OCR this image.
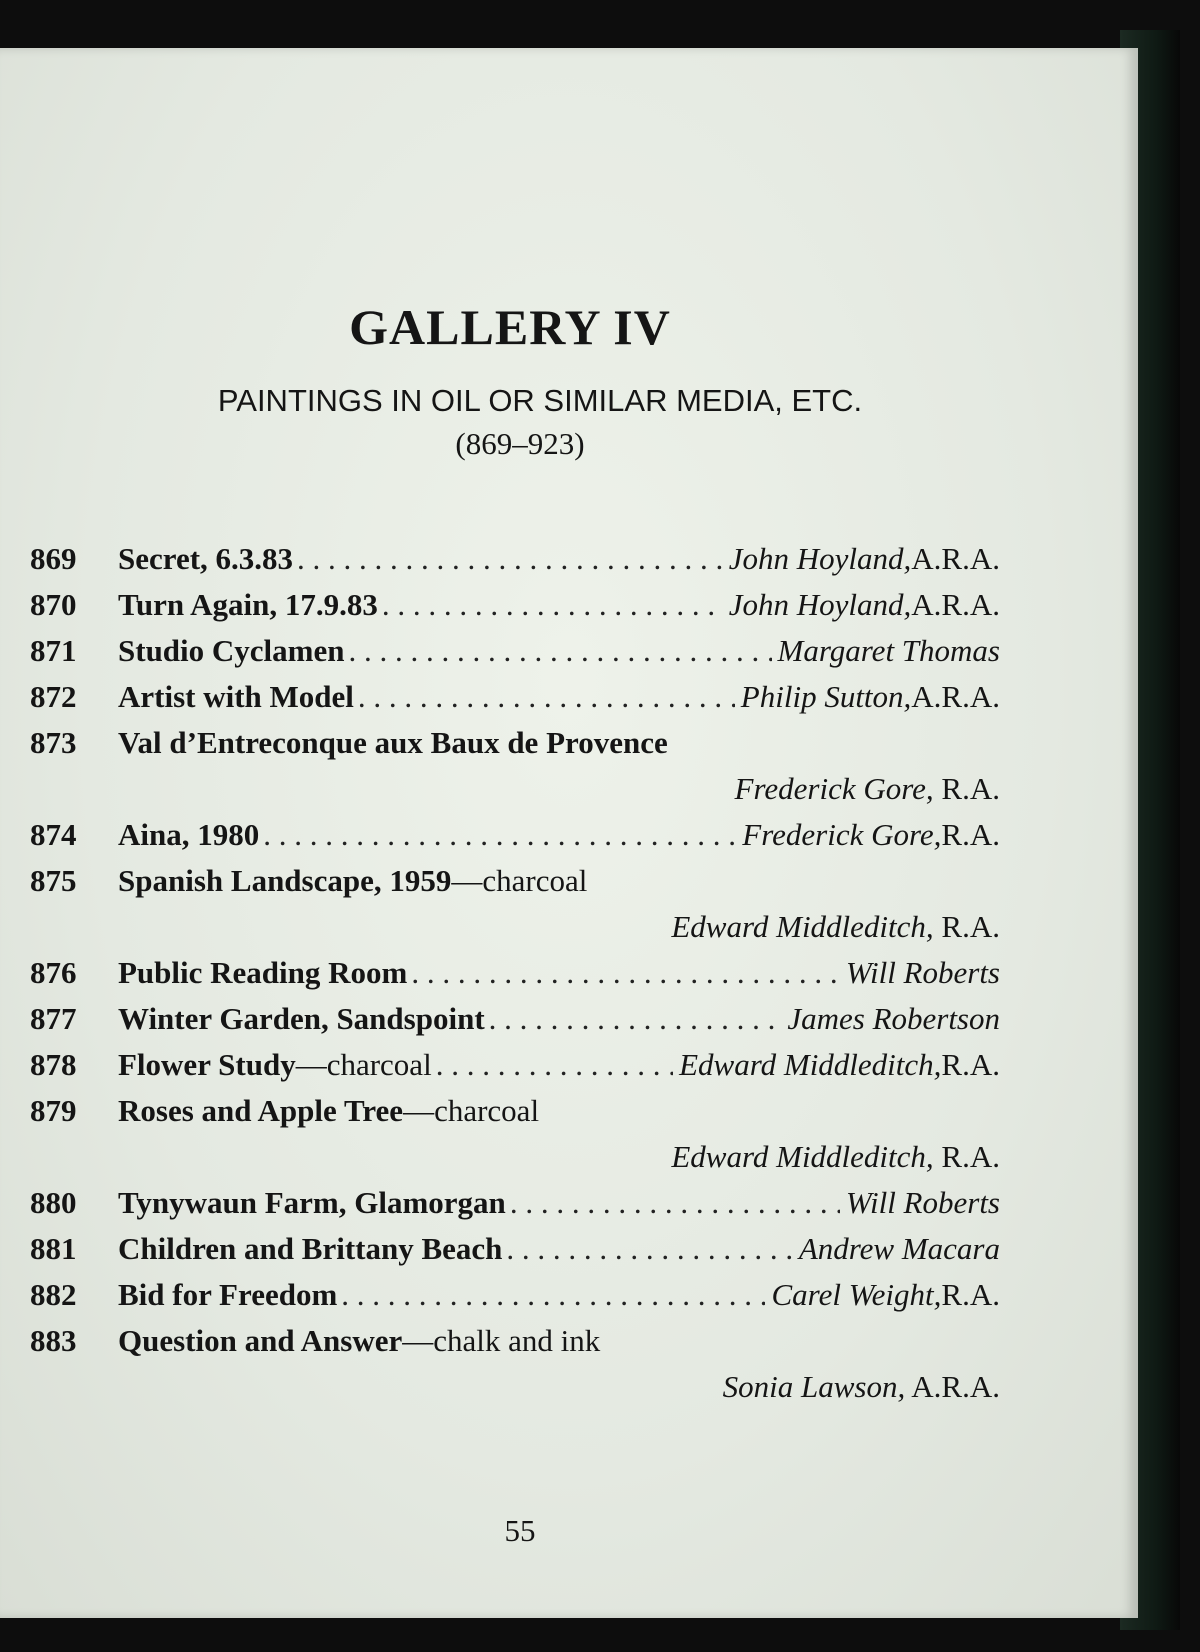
GALLERY IV
PAINTINGS IN OIL OR SIMILAR MEDIA, ETC.
(869–923)
869 Secret, 6.3.83 . . .	John Hoyland, A.R.A.
870 Turn Again, 17.9.83 . . .	John Hoyland, A.R.A.
871 Studio Cyclamen . . .	Margaret Thomas
872 Artist with Model . . .	Philip Sutton, A.R.A.
873 Val d’Entreconque aux Baux de Provence
Frederick Gore, R.A.
874 Aina, 1980 . . .	Frederick Gore, R.A.
875 Spanish Landscape, 1959 —charcoal
Edward Middleditch, R.A.
876 Public Reading Room . . .	Will Roberts
877 Winter Garden, Sandspoint . . .	James Robertson
878 Flower Study —charcoal . . .	Edward Middleditch, R.A.
879 Roses and Apple Tree —charcoal
Edward Middleditch, R.A.
880 Tynywaun Farm, Glamorgan . . .	Will Roberts
881 Children and Brittany Beach . . .	Andrew Macara
882 Bid for Freedom . . .	Carel Weight, R.A.
883 Question and Answer —chalk and ink
Sonia Lawson, A.R.A.
55
